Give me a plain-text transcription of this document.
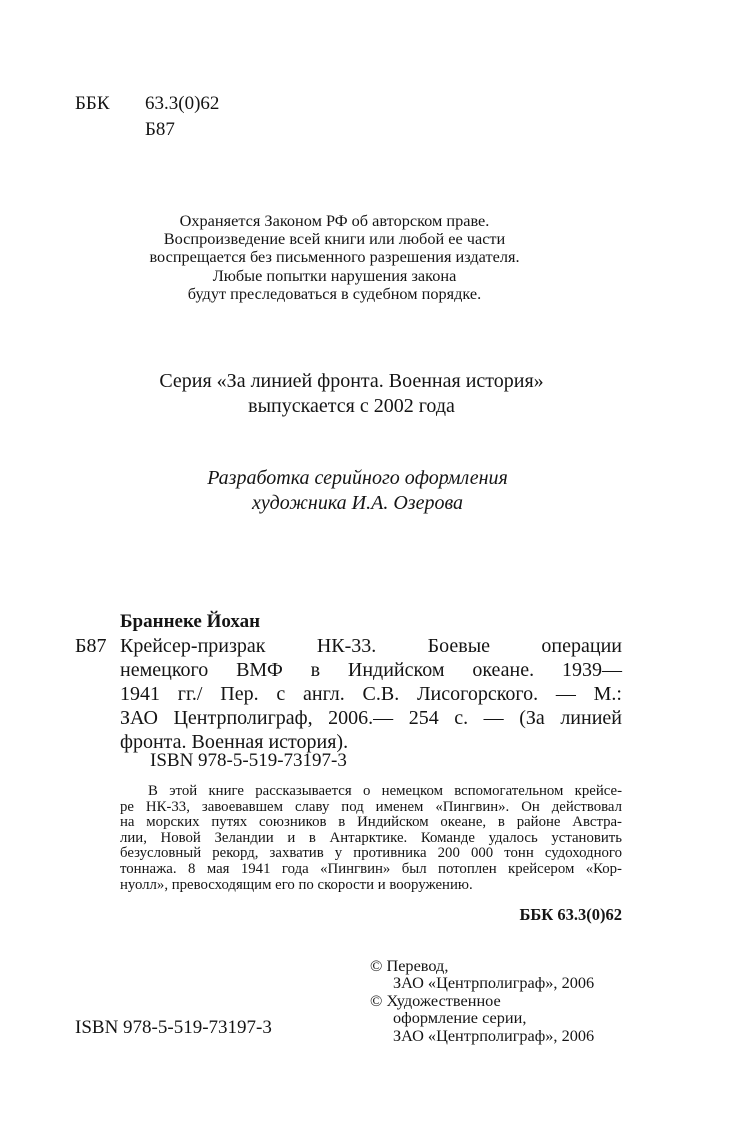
ББК 63.3(0)62
Б87
Охраняется Законом РФ об авторском праве.
Воспроизведение всей книги или любой ее части
воспрещается без письменного разрешения издателя.
Любые попытки нарушения закона
будут преследоваться в судебном порядке.
Серия «За линией фронта. Военная история»
выпускается с 2002 года
Разработка серийного оформления
художника И.А. Озерова
Браннеке Йохан
Б87 Крейсер-призрак НК-33. Боевые операции
немецкого ВМФ в Индийском океане. 1939—
1941 гг./ Пер. с англ. С.В. Лисогорского. — М.:
ЗАО Центрполиграф, 2006.— 254 с. — (За линией
фронта. Военная история).
ISBN 978-5-519-73197-3
В этой книге рассказывается о немецком вспомогательном крейсе-
ре НК-33, завоевавшем славу под именем «Пингвин». Он действовал
на морских путях союзников в Индийском океане, в районе Австра-
лии, Новой Зеландии и в Антарктике. Команде удалось установить
безусловный рекорд, захватив у противника 200 000 тонн судоходного
тоннажа. 8 мая 1941 года «Пингвин» был потоплен крейсером «Кор-
нуолл», превосходящим его по скорости и вооружению.
ББК 63.3(0)62
ISBN 978-5-519-73197-3
© Перевод,
ЗАО «Центрполиграф», 2006
© Художественное
оформление серии,
ЗАО «Центрполиграф», 2006
